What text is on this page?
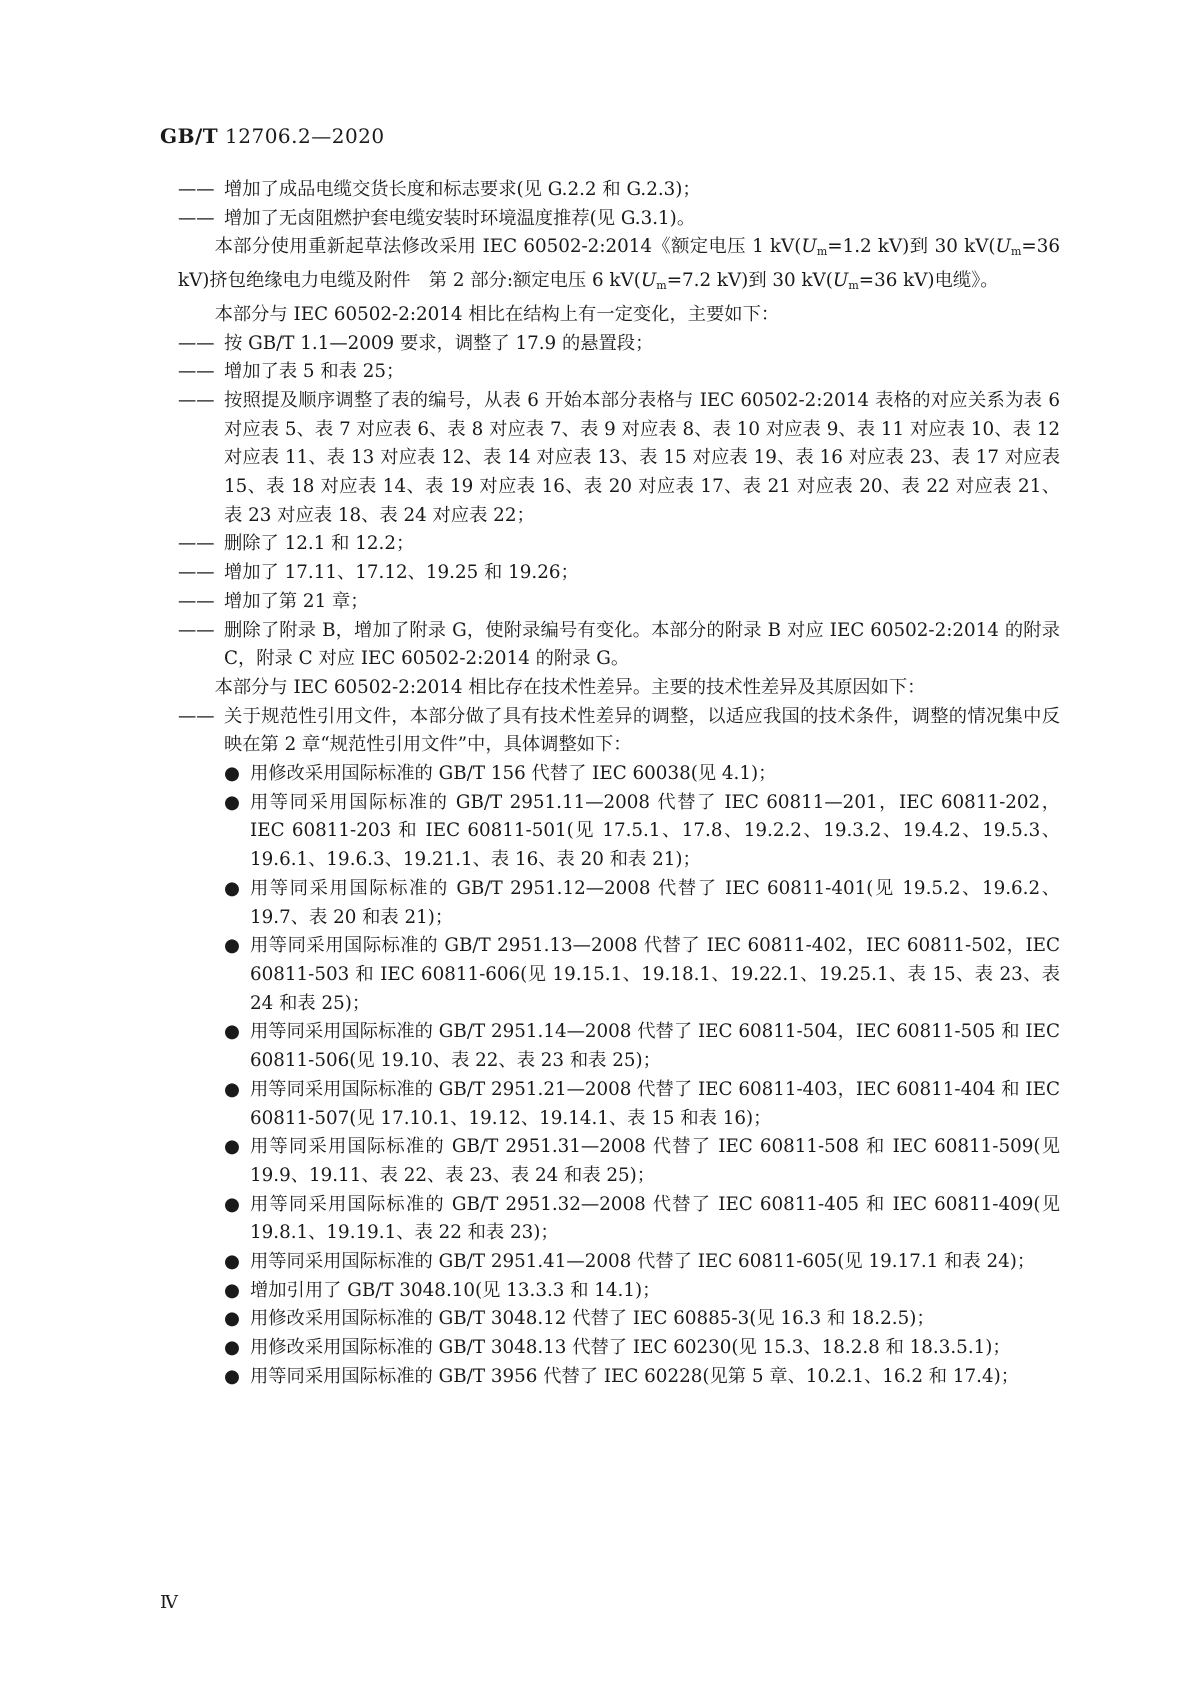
GB/T 12706.2—2020

—— 增加了成品电缆交货长度和标志要求(见 G.2.2 和 G.2.3)；

—— 增加了无卤阻燃护套电缆安装时环境温度推荐(见 G.3.1)。

本部分使用重新起草法修改采用 IEC 60502-2:2014《额定电压 1 $kV(U_m=1.2$ kV)到 30 $kV(U_m=36$ kV)挤包绝缘电力电缆及附件　第 2 部分:额定电压 6 $kV(U_m=7.2$ kV)到 30 $kV(U_m=36$ kV)电缆》。

本部分与 IEC 60502-2:2014 相比在结构上有一定变化，主要如下：

—— 按 GB/T 1.1—2009 要求，调整了 17.9 的悬置段；

—— 增加了表 5 和表 25；

—— 按照提及顺序调整了表的编号，从表 6 开始本部分表格与 IEC 60502-2:2014 表格的对应关系为表 6 对应表 5、表 7 对应表 6、表 8 对应表 7、表 9 对应表 8、表 10 对应表 9、表 11 对应表 10、表 12 对应表 11、表 13 对应表 12、表 14 对应表 13、表 15 对应表 19、表 16 对应表 23、表 17 对应表 15、表 18 对应表 14、表 19 对应表 16、表 20 对应表 17、表 21 对应表 20、表 22 对应表 21、表 23 对应表 18、表 24 对应表 22；

—— 删除了 12.1 和 12.2；

—— 增加了 17.11、17.12、19.25 和 19.26；

—— 增加了第 21 章；

—— 删除了附录 B，增加了附录 G，使附录编号有变化。本部分的附录 B 对应 IEC 60502-2:2014 的附录 C，附录 C 对应 IEC 60502-2:2014 的附录 G。

本部分与 IEC 60502-2:2014 相比存在技术性差异。主要的技术性差异及其原因如下：

—— 关于规范性引用文件，本部分做了具有技术性差异的调整，以适应我国的技术条件，调整的情况集中反映在第 2 章“规范性引用文件”中，具体调整如下：

● 用修改采用国际标准的 GB/T 156 代替了 IEC 60038(见 4.1)；

● 用等同采用国际标准的 GB/T 2951.11—2008 代替了 IEC 60811—201，IEC 60811-202，IEC 60811-203 和 IEC 60811-501(见 17.5.1、17.8、19.2.2、19.3.2、19.4.2、19.5.3、19.6.1、19.6.3、19.21.1、表 16、表 20 和表 21)；

● 用等同采用国际标准的 GB/T 2951.12—2008 代替了 IEC 60811-401(见 19.5.2、19.6.2、19.7、表 20 和表 21)；

● 用等同采用国际标准的 GB/T 2951.13—2008 代替了 IEC 60811-402，IEC 60811-502，IEC 60811-503 和 IEC 60811-606(见 19.15.1、19.18.1、19.22.1、19.25.1、表 15、表 23、表 24 和表 25)；

● 用等同采用国际标准的 GB/T 2951.14—2008 代替了 IEC 60811-504，IEC 60811-505 和 IEC 60811-506(见 19.10、表 22、表 23 和表 25)；

● 用等同采用国际标准的 GB/T 2951.21—2008 代替了 IEC 60811-403，IEC 60811-404 和 IEC 60811-507(见 17.10.1、19.12、19.14.1、表 15 和表 16)；

● 用等同采用国际标准的 GB/T 2951.31—2008 代替了 IEC 60811-508 和 IEC 60811-509(见 19.9、19.11、表 22、表 23、表 24 和表 25)；

● 用等同采用国际标准的 GB/T 2951.32—2008 代替了 IEC 60811-405 和 IEC 60811-409(见 19.8.1、19.19.1、表 22 和表 23)；

● 用等同采用国际标准的 GB/T 2951.41—2008 代替了 IEC 60811-605(见 19.17.1 和表 24)；

● 增加引用了 GB/T 3048.10(见 13.3.3 和 14.1)；

● 用修改采用国际标准的 GB/T 3048.12 代替了 IEC 60885-3(见 16.3 和 18.2.5)；

● 用修改采用国际标准的 GB/T 3048.13 代替了 IEC 60230(见 15.3、18.2.8 和 18.3.5.1)；

● 用等同采用国际标准的 GB/T 3956 代替了 IEC 60228(见第 5 章、10.2.1、16.2 和 17.4)；

Ⅳ
